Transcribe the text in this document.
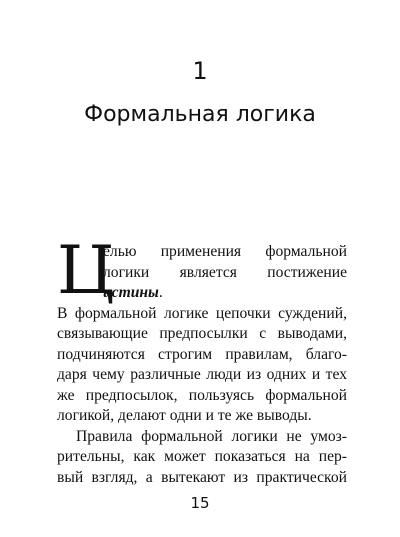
1
Формальная логика
Ц
елью применения формальной
логики является постижение
истины.
В формальной логике цепочки суждений,
связывающие предпосылки с выводами,
подчиняются строгим правилам, благо-
даря чему различные люди из одних и тех
же предпосылок, пользуясь формальной
логикой, делают одни и те же выводы.
Правила формальной логики не умоз-
рительны, как может показаться на пер-
вый взгляд, а вытекают из практической
15
